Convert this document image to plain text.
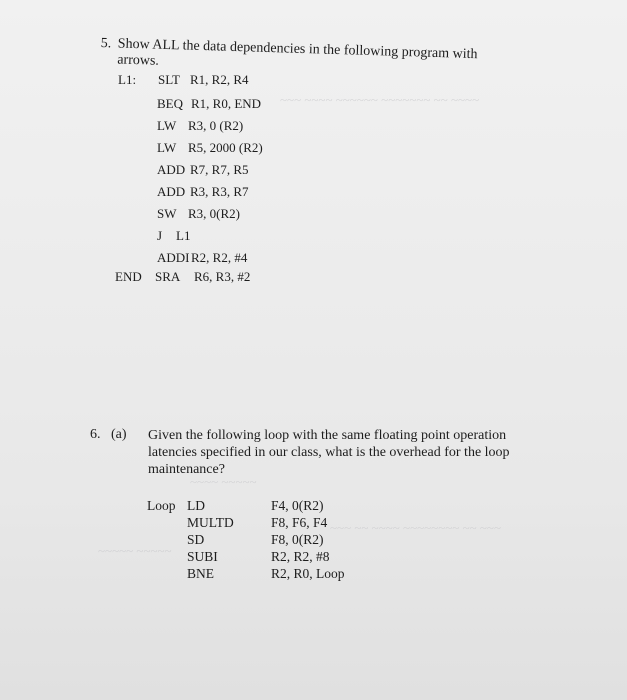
~~~ ~~~~ ~~~~~~ ~~~~~~~ ~~ ~~~~
~~~~ ~~~~~
~~~ ~~ ~~~~ ~~~~~~~~ ~~ ~~~
~~~~~ ~~~~~
5. Show ALL the data dependencies in the following program with arrows.
L1: SLT R1, R2, R4
BEQ R1, R0, END
LW R3, 0 (R2)
LW R5, 2000 (R2)
ADD R7, R7, R5
ADD R3, R3, R7
SW R3, 0(R2)
J L1
ADDI R2, R2, #4
END SRA R6, R3, #2
6. (a) Given the following loop with the same floating point operation latencies specified in our class, what is the overhead for the loop maintenance?
Loop LD	F4, 0(R2)
MULTD	F8, F6, F4
SD	F8, 0(R2)
SUBI	R2, R2, #8
BNE	R2, R0, Loop
